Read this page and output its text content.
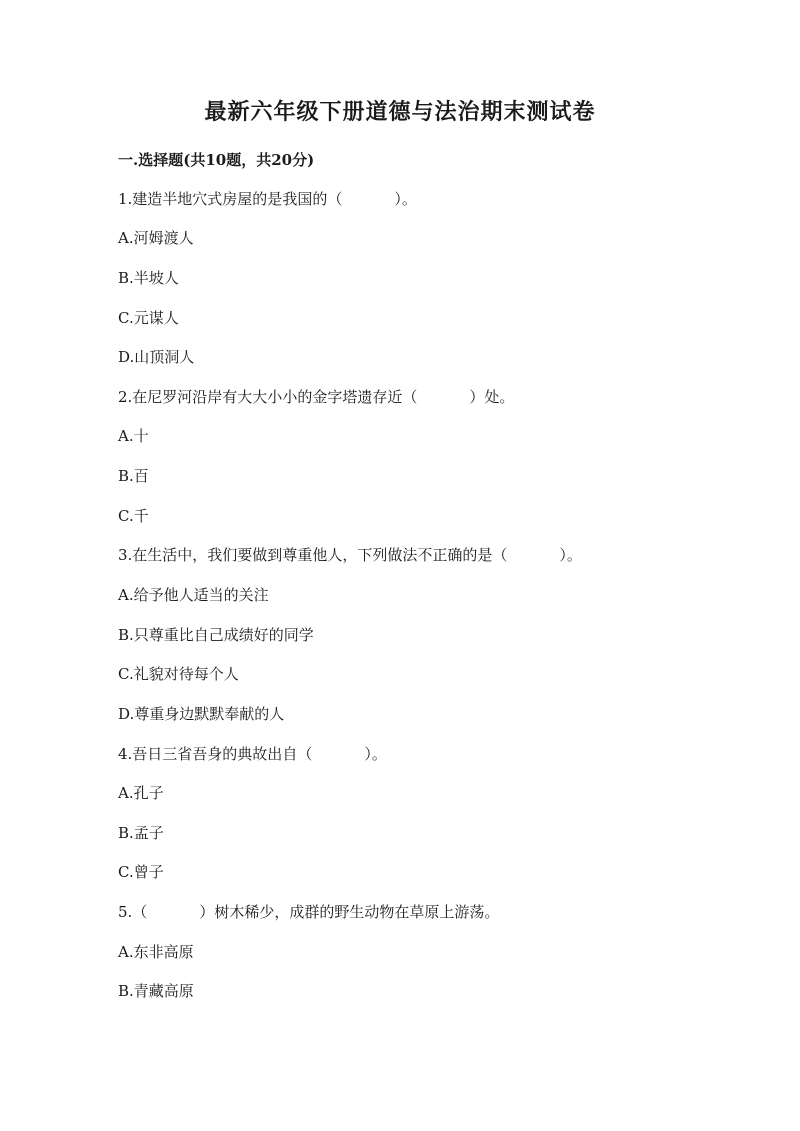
最新六年级下册道德与法治期末测试卷
一.选择题(共10题，共20分)
1.建造半地穴式房屋的是我国的（	）。
A.河姆渡人
B.半坡人
C.元谋人
D.山顶洞人
2.在尼罗河沿岸有大大小小的金字塔遗存近（	）处。
A.十
B.百
C.千
3.在生活中，我们要做到尊重他人，下列做法不正确的是（	）。
A.给予他人适当的关注
B.只尊重比自己成绩好的同学
C.礼貌对待每个人
D.尊重身边默默奉献的人
4.吾日三省吾身的典故出自（	）。
A.孔子
B.孟子
C.曾子
5.（	）树木稀少，成群的野生动物在草原上游荡。
A.东非高原
B.青藏高原
